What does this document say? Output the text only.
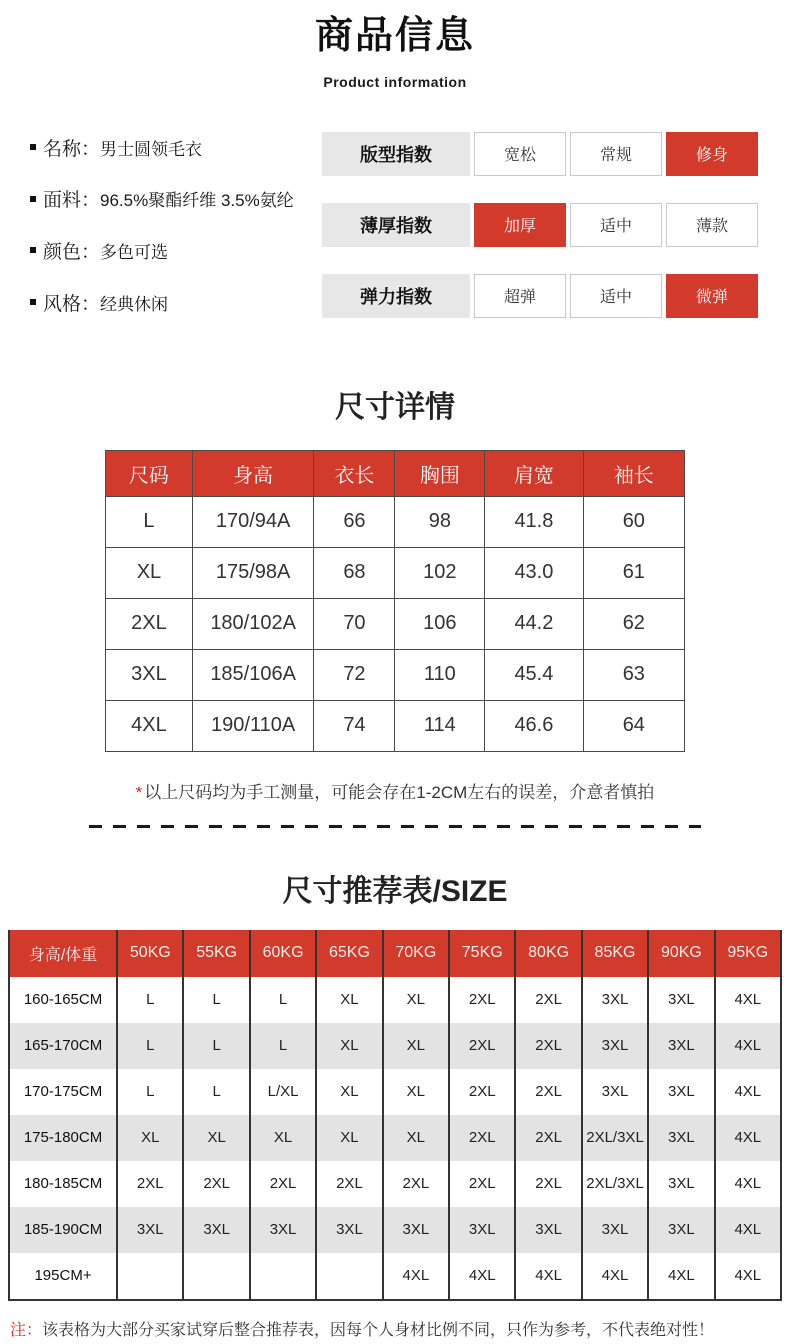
商品信息
Product information
名称： 男士圆领毛衣
面料： 96.5%聚酯纤维 3.5%氨纶
颜色： 多色可选
风格： 经典休闲
版型指数	宽松	常规	修身
薄厚指数	加厚	适中	薄款
弹力指数	超弹	适中	微弹
尺寸详情
尺码	身高	衣长	胸围	肩宽	袖长
L	170/94A	66	98	41.8	60
XL	175/98A	68	102	43.0	61
2XL	180/102A	70	106	44.2	62
3XL	185/106A	72	110	45.4	63
4XL	190/110A	74	114	46.6	64
* 以上尺码均为手工测量，可能会存在1-2CM左右的误差，介意者慎拍
尺寸推荐表/SIZE
身高/体重	50KG	55KG	60KG	65KG	70KG	75KG	80KG	85KG	90KG	95KG
160-165CM	L	L	L	XL	XL	2XL	2XL	3XL	3XL	4XL
165-170CM	L	L	L	XL	XL	2XL	2XL	3XL	3XL	4XL
170-175CM	L	L	L/XL	XL	XL	2XL	2XL	3XL	3XL	4XL
175-180CM	XL	XL	XL	XL	XL	2XL	2XL	2XL/3XL	3XL	4XL
180-185CM	2XL	2XL	2XL	2XL	2XL	2XL	2XL	2XL/3XL	3XL	4XL
185-190CM	3XL	3XL	3XL	3XL	3XL	3XL	3XL	3XL	3XL	4XL
195CM+					4XL	4XL	4XL	4XL	4XL	4XL
注：该表格为大部分买家试穿后整合推荐表，因每个人身材比例不同，只作为参考，不代表绝对性！
